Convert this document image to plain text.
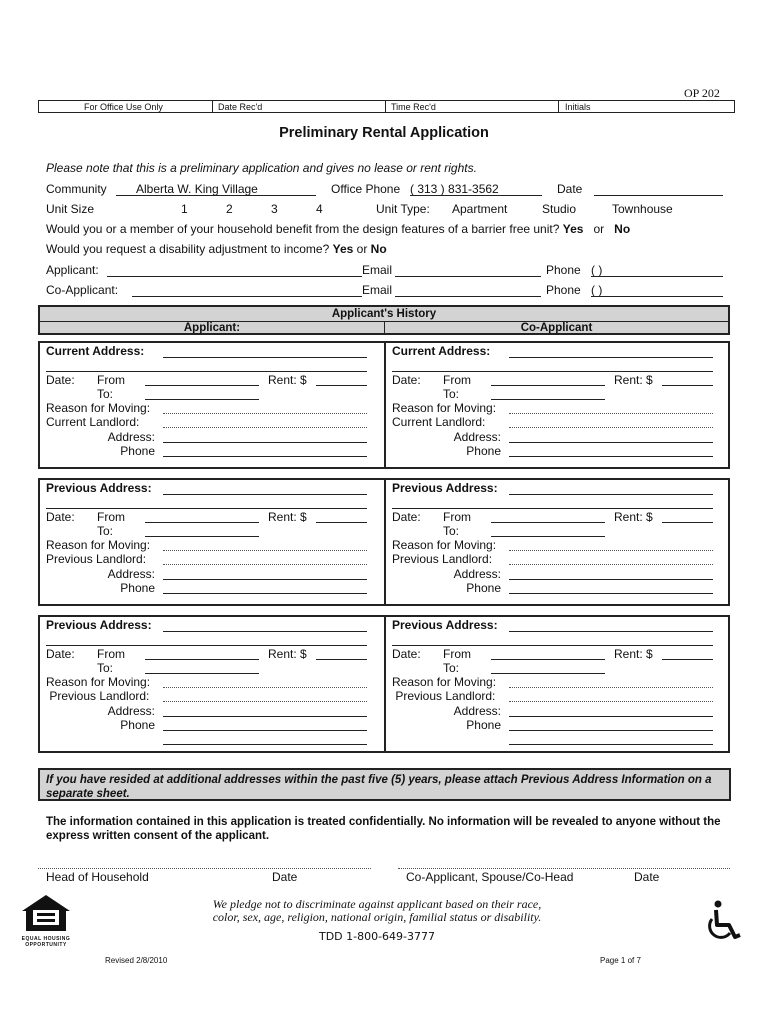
OP 202
For Office Use Only	Date Rec'd	Time Rec'd	Initials
Preliminary Rental Application
Please note that this is a preliminary application and gives no lease or rent rights.
Community Alberta W. King Village	Office Phone ( 313 ) 831-3562	Date
Unit Size	1	2	3	4	Unit Type: Apartment	Studio	Townhouse
Would you or a member of your household benefit from the design features of a barrier free unit? Yes or No
Would you request a disability adjustment to income? Yes or No
Applicant:	Email	Phone ( )
Co-Applicant:	Email	Phone ( )
Applicant's History
Applicant:	Co-Applicant
Current Address:
Date: From	Rent: $
To:
Reason for Moving:
Current Landlord:
Address:
Phone
Current Address:
Date: From	Rent: $
To:
Reason for Moving:
Current Landlord:
Address:
Phone
Previous Address:
Date: From	Rent: $
To:
Reason for Moving:
Previous Landlord:
Address:
Phone
Previous Address:
Date: From	Rent: $
To:
Reason for Moving:
Previous Landlord:
Address:
Phone
Previous Address:
Date: From	Rent: $
To:
Reason for Moving:
Previous Landlord:
Address:
Phone
Previous Address:
Date: From	Rent: $
To:
Reason for Moving:
Previous Landlord:
Address:
Phone
If you have resided at additional addresses within the past five (5) years, please attach Previous Address Information on a separate sheet.
The information contained in this application is treated confidentially. No information will be revealed to anyone without the express written consent of the applicant.
Head of Household	Date	Co-Applicant, Spouse/Co-Head	Date
EQUAL HOUSING
OPPORTUNITY
We pledge not to discriminate against applicant based on their race,
color, sex, age, religion, national origin, familial status or disability.
TDD 1-800-649-3777
Revised 2/8/2010	Page 1 of 7
